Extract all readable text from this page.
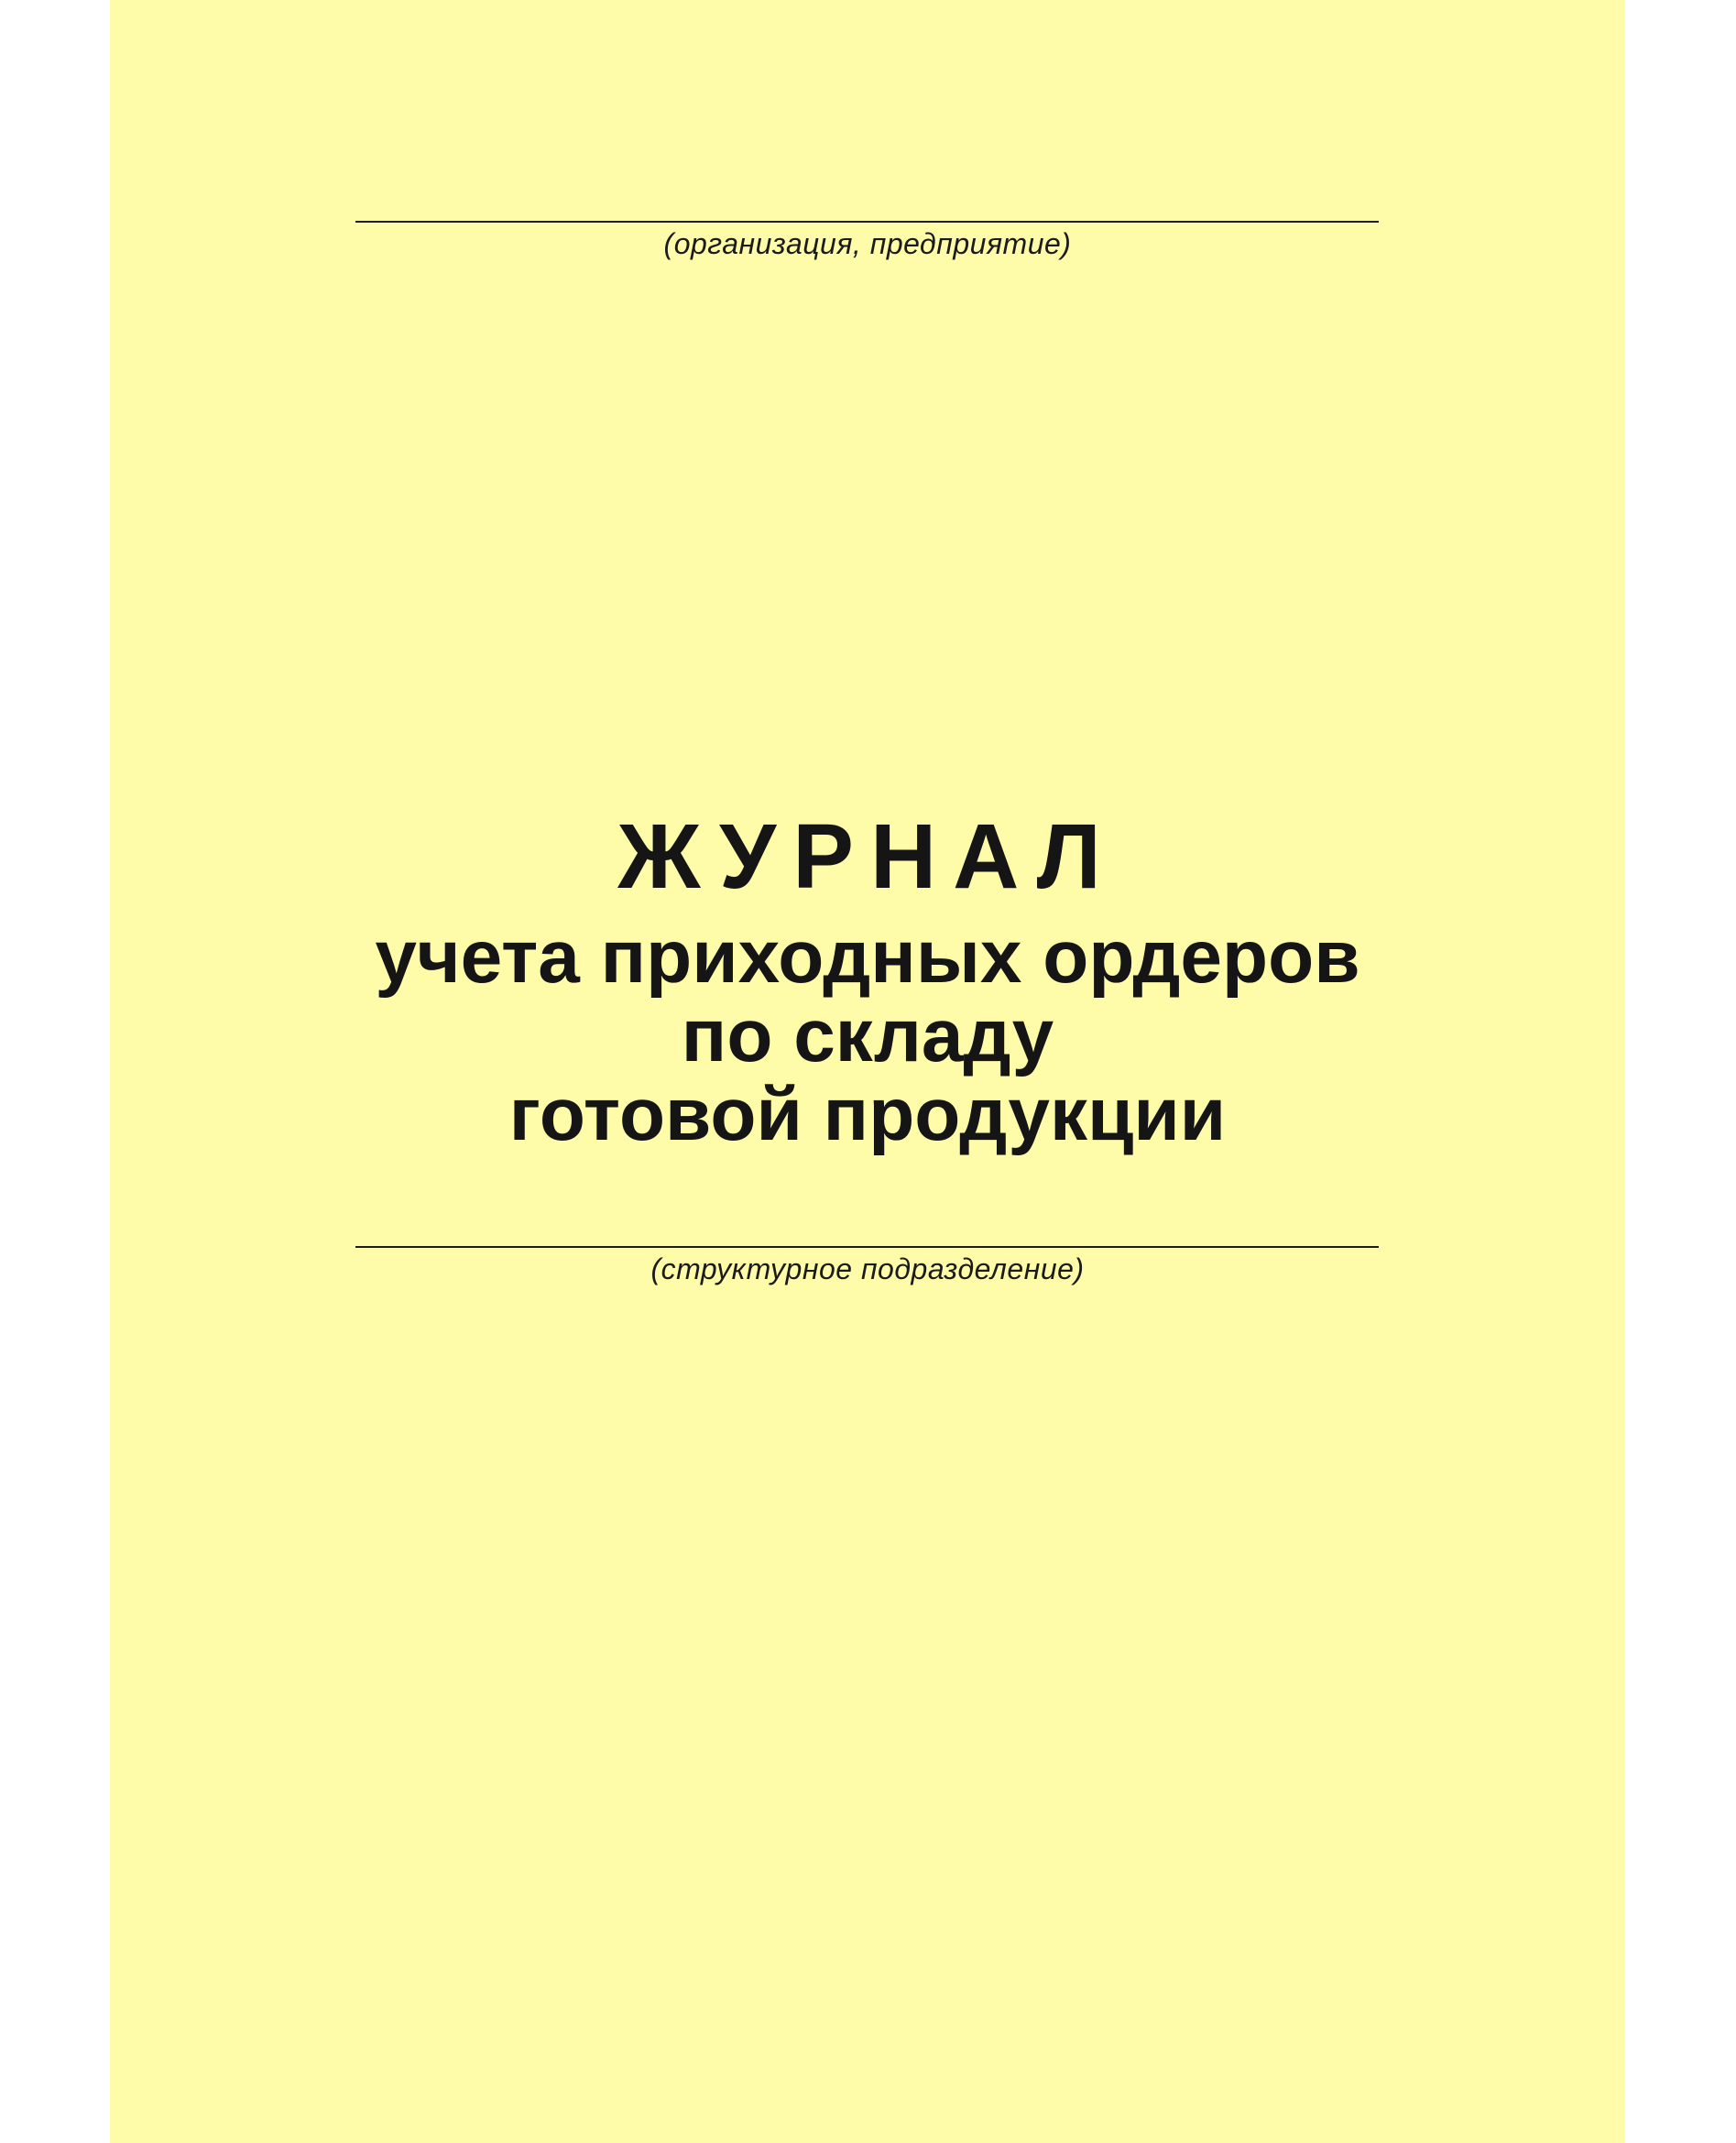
(организация, предприятие)
ЖУРНАЛ
учета приходных ордеров
по складу
готовой продукции
(структурное подразделение)
